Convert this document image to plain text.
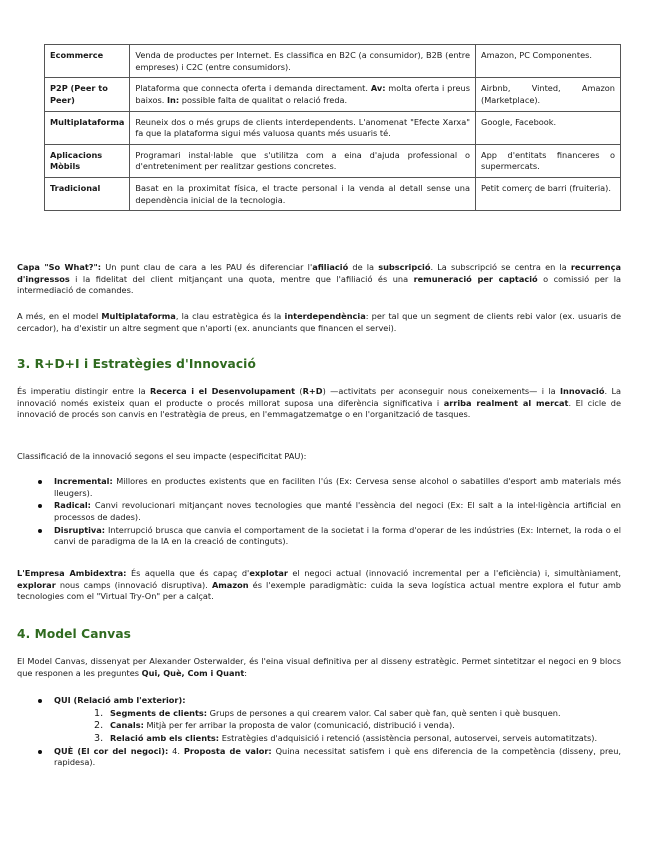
Ecommerce	Venda de productes per Internet. Es classifica en B2C (a consumidor), B2B (entre empreses) i C2C (entre consumidors).	Amazon, PC Componentes.
P2P (Peer to Peer)	Plataforma que connecta oferta i demanda directament. Av: molta oferta i preus baixos. In: possible falta de qualitat o relació freda.	Airbnb, Vinted, Amazon (Marketplace).
Multiplataforma	Reuneix dos o més grups de clients interdependents. L'anomenat "Efecte Xarxa" fa que la plataforma sigui més valuosa quants més usuaris té.	Google, Facebook.
Aplicacions Mòbils	Programari instal·lable que s'utilitza com a eina d'ajuda professional o d'entreteniment per realitzar gestions concretes.	App d'entitats financeres o supermercats.
Tradicional	Basat en la proximitat física, el tracte personal i la venda al detall sense una dependència inicial de la tecnologia.	Petit comerç de barri (fruiteria).

Capa "So What?": Un punt clau de cara a les PAU és diferenciar l'afiliació de la subscripció. La subscripció se centra en la recurrença d'ingressos i la fidelitat del client mitjançant una quota, mentre que l'afiliació és una remuneració per captació o comissió per la intermediació de comandes.

A més, en el model Multiplataforma, la clau estratègica és la interdependència: per tal que un segment de clients rebi valor (ex. usuaris de cercador), ha d'existir un altre segment que n'aporti (ex. anunciants que financen el servei).

3. R+D+I i Estratègies d'Innovació

És imperatiu distingir entre la Recerca i el Desenvolupament (R+D) —activitats per aconseguir nous coneixements— i la Innovació. La innovació només existeix quan el producte o procés millorat suposa una diferència significativa i arriba realment al mercat. El cicle de innovació de procés son canvis en l'estratègia de preus, en l'emmagatzematge o en l'organització de tasques.

Classificació de la innovació segons el seu impacte (especificitat PAU):

Incremental: Millores en productes existents que en faciliten l'ús (Ex: Cervesa sense alcohol o sabatilles d'esport amb materials més lleugers).
Radical: Canvi revolucionari mitjançant noves tecnologies que manté l'essència del negoci (Ex: El salt a la intel·ligència artificial en processos de dades).
Disruptiva: Interrupció brusca que canvia el comportament de la societat i la forma d'operar de les indústries (Ex: Internet, la roda o el canvi de paradigma de la IA en la creació de continguts).

L'Empresa Ambidextra: És aquella que és capaç d'explotar el negoci actual (innovació incremental per a l'eficiència) i, simultàniament, explorar nous camps (innovació disruptiva). Amazon és l'exemple paradigmàtic: cuida la seva logística actual mentre explora el futur amb tecnologies com el "Virtual Try-On" per a calçat.

4. Model Canvas

El Model Canvas, dissenyat per Alexander Osterwalder, és l'eina visual definitiva per al disseny estratègic. Permet sintetitzar el negoci en 9 blocs que responen a les preguntes Qui, Què, Com i Quant:

QUI (Relació amb l'exterior):
1. Segments de clients: Grups de persones a qui crearem valor. Cal saber què fan, què senten i què busquen.
2. Canals: Mitjà per fer arribar la proposta de valor (comunicació, distribució i venda).
3. Relació amb els clients: Estratègies d'adquisició i retenció (assistència personal, autoservei, serveis automatitzats).
QUÈ (El cor del negoci): 4. Proposta de valor: Quina necessitat satisfem i què ens diferencia de la competència (disseny, preu, rapidesa).
